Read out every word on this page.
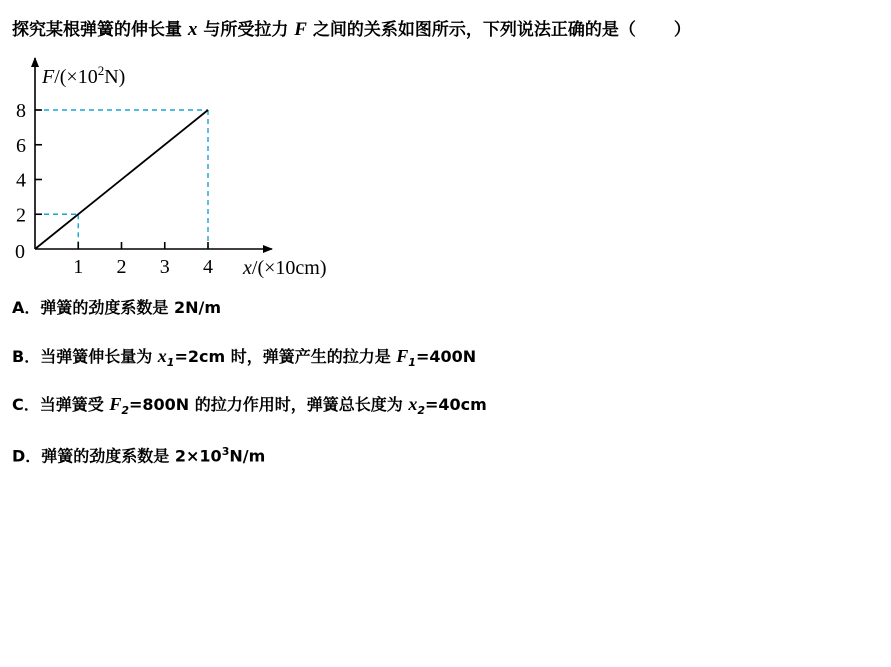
探究某根弹簧的伸长量 x 与所受拉力 F 之间的关系如图所示，下列说法正确的是（ ）
1 2 3 4
2
4
6
8
0
$F/(\times 10^2N)$
x/(×10cm)
A．弹簧的劲度系数是 2N/m
B．当弹簧伸长量为 $x_1=2cm$ 时，弹簧产生的拉力是 $F_1=400N$
C．当弹簧受 $F_2=800N$ 的拉力作用时，弹簧总长度为 $x_2=40cm$
D．弹簧的劲度系数是 $2\times 10^3N/m$
